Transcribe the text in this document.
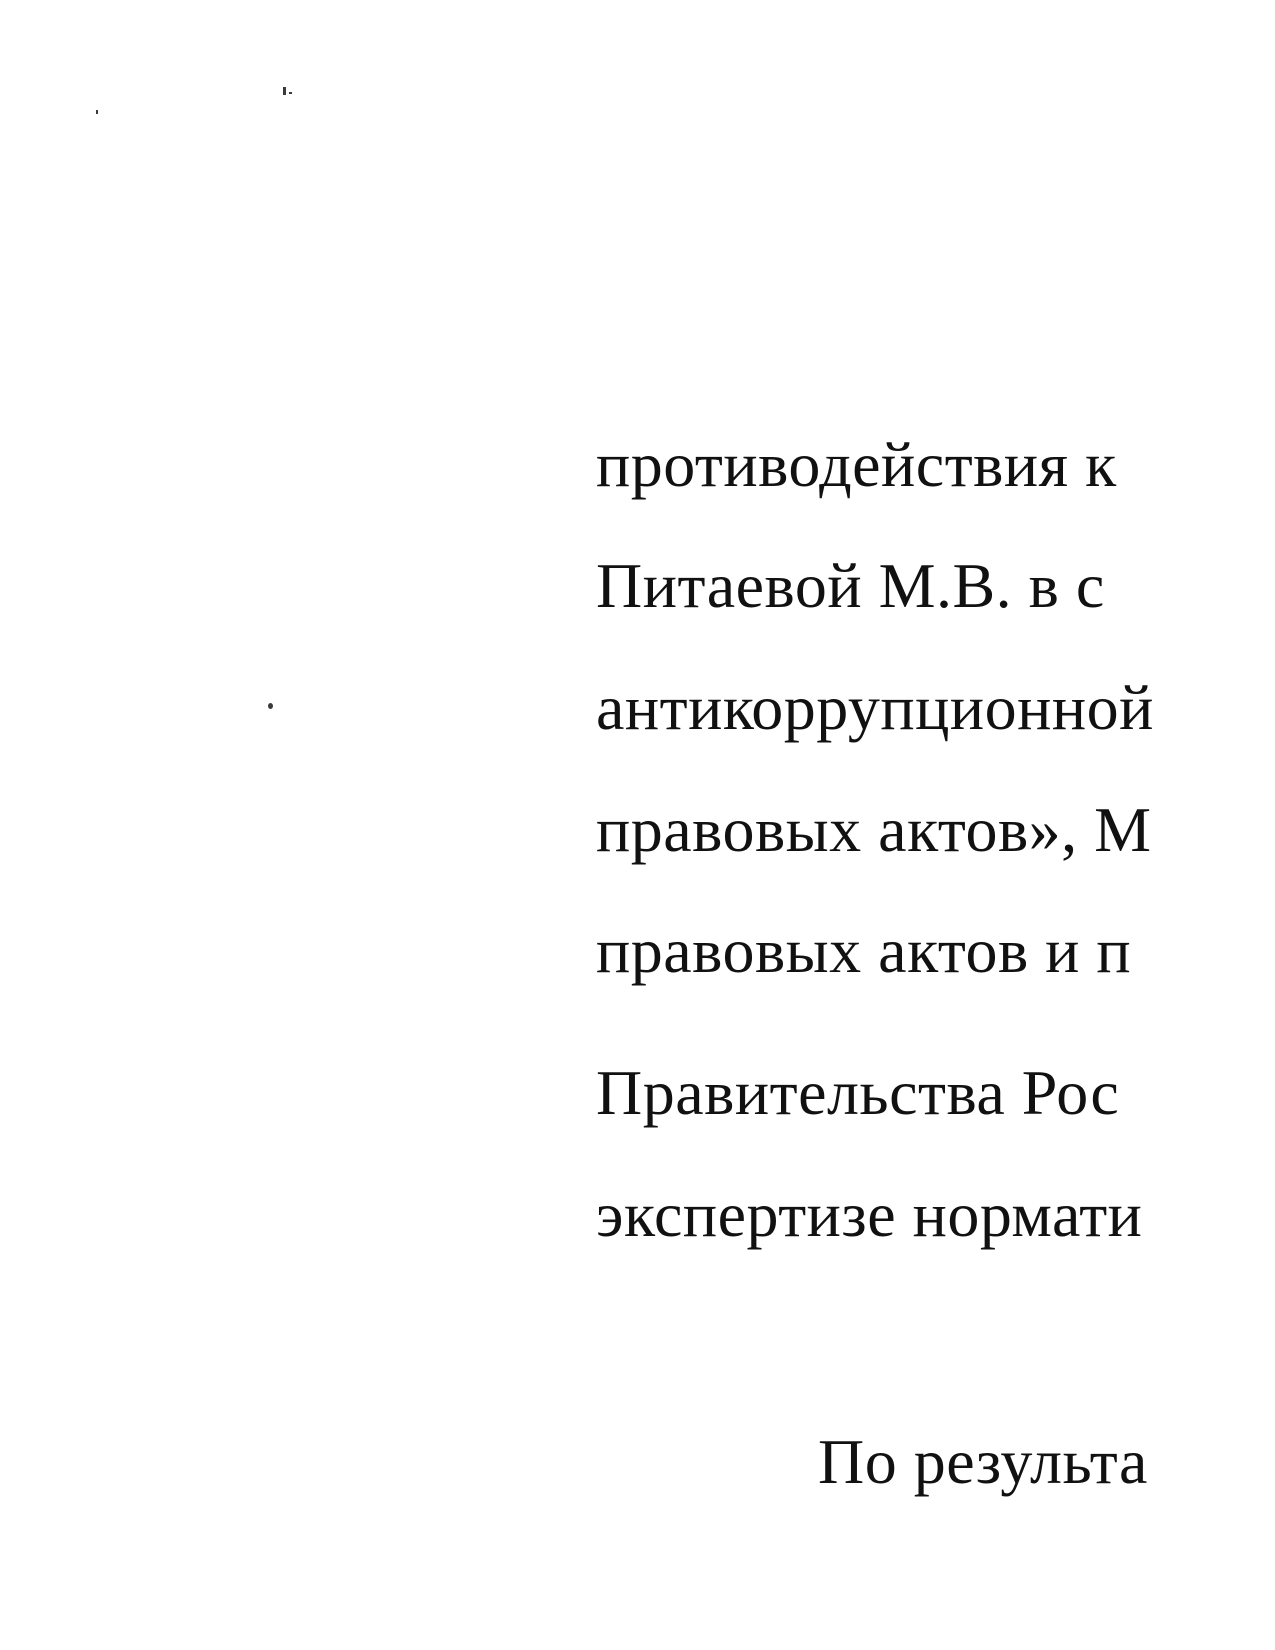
противодействия к
Питаевой М.В. в с
антикоррупционной
правовых актов», М
правовых актов и п
Правительства Рос
экспертизе нормати
По результа
